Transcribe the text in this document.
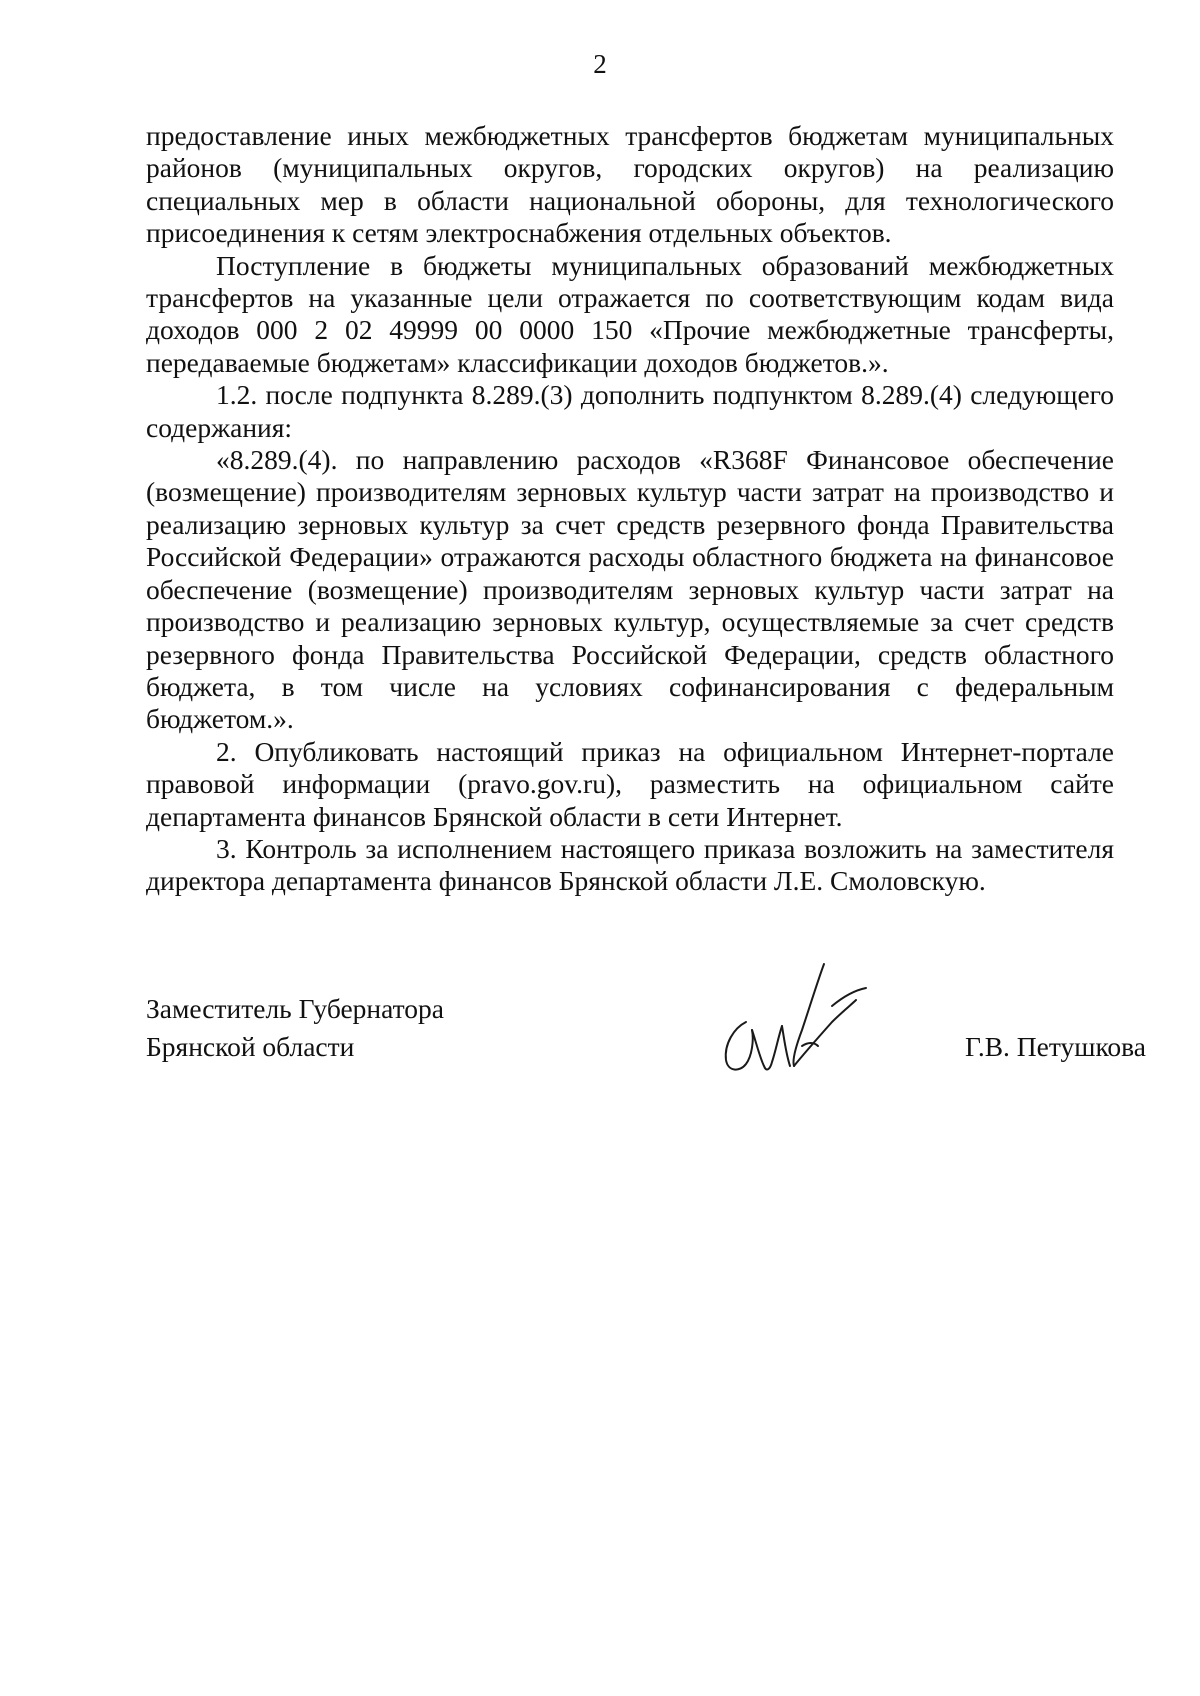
2

предоставление иных межбюджетных трансфертов бюджетам муниципальных районов (муниципальных округов, городских округов) на реализацию специальных мер в области национальной обороны, для технологического присоединения к сетям электроснабжения отдельных объектов.

Поступление в бюджеты муниципальных образований межбюджетных трансфертов на указанные цели отражается по соответствующим кодам вида доходов 000 2 02 49999 00 0000 150 «Прочие межбюджетные трансферты, передаваемые бюджетам» классификации доходов бюджетов.».

1.2. после подпункта 8.289.(3) дополнить подпунктом 8.289.(4) следующего содержания:

«8.289.(4). по направлению расходов «R368F Финансовое обеспечение (возмещение) производителям зерновых культур части затрат на производство и реализацию зерновых культур за счет средств резервного фонда Правительства Российской Федерации» отражаются расходы областного бюджета на финансовое обеспечение (возмещение) производителям зерновых культур части затрат на производство и реализацию зерновых культур, осуществляемые за счет средств резервного фонда Правительства Российской Федерации, средств областного бюджета, в том числе на условиях софинансирования с федеральным бюджетом.».

2. Опубликовать настоящий приказ на официальном Интернет-портале правовой информации (pravo.gov.ru), разместить на официальном сайте департамента финансов Брянской области в сети Интернет.

3. Контроль за исполнением настоящего приказа возложить на заместителя директора департамента финансов Брянской области Л.Е. Смоловскую.

Заместитель Губернатора
Брянской области	Г.В. Петушкова
